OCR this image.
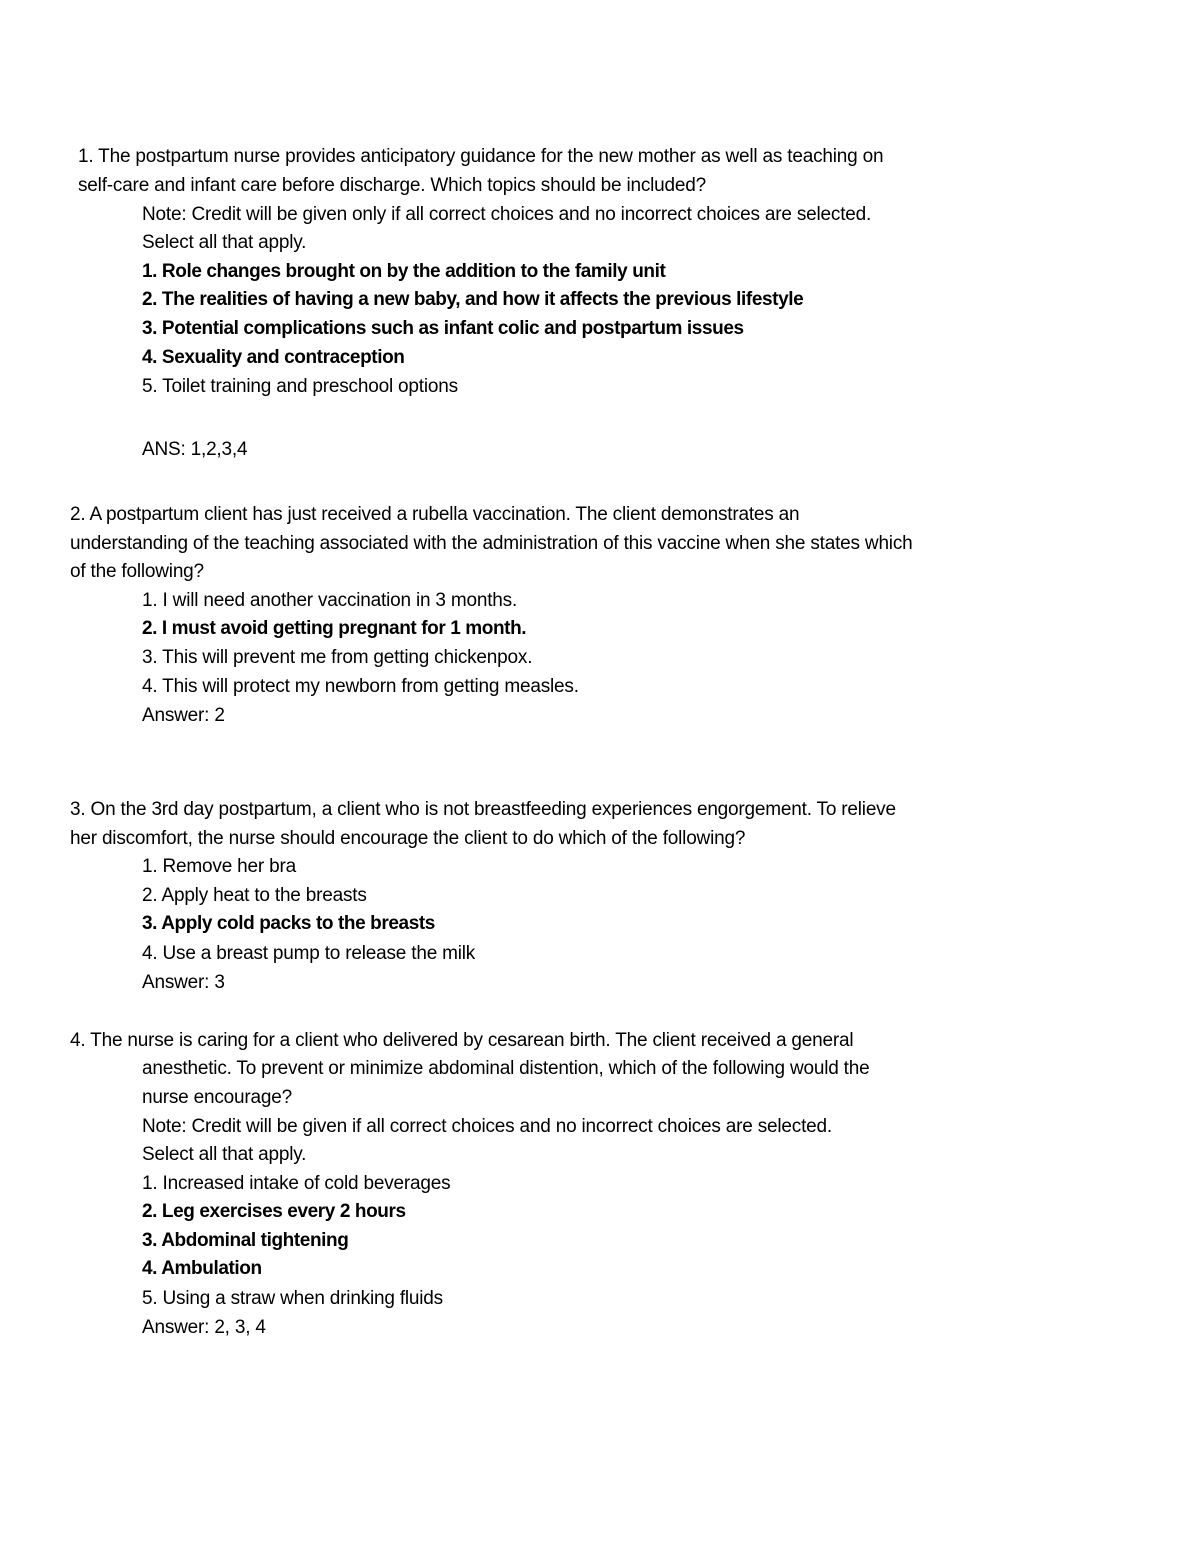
1. The postpartum nurse provides anticipatory guidance for the new mother as well as teaching on
self-care and infant care before discharge. Which topics should be included?
Note: Credit will be given only if all correct choices and no incorrect choices are selected.
Select all that apply.
1. Role changes brought on by the addition to the family unit
2. The realities of having a new baby, and how it affects the previous lifestyle
3. Potential complications such as infant colic and postpartum issues
4. Sexuality and contraception
5. Toilet training and preschool options
ANS: 1,2,3,4
2. A postpartum client has just received a rubella vaccination. The client demonstrates an
understanding of the teaching associated with the administration of this vaccine when she states which
of the following?
1. I will need another vaccination in 3 months.
2. I must avoid getting pregnant for 1 month.
3. This will prevent me from getting chickenpox.
4. This will protect my newborn from getting measles.
Answer: 2
3. On the 3rd day postpartum, a client who is not breastfeeding experiences engorgement. To relieve
her discomfort, the nurse should encourage the client to do which of the following?
1. Remove her bra
2. Apply heat to the breasts
3. Apply cold packs to the breasts
4. Use a breast pump to release the milk
Answer: 3
4. The nurse is caring for a client who delivered by cesarean birth. The client received a general
anesthetic. To prevent or minimize abdominal distention, which of the following would the
nurse encourage?
Note: Credit will be given if all correct choices and no incorrect choices are selected.
Select all that apply.
1. Increased intake of cold beverages
2. Leg exercises every 2 hours
3. Abdominal tightening
4. Ambulation
5. Using a straw when drinking fluids
Answer: 2, 3, 4
